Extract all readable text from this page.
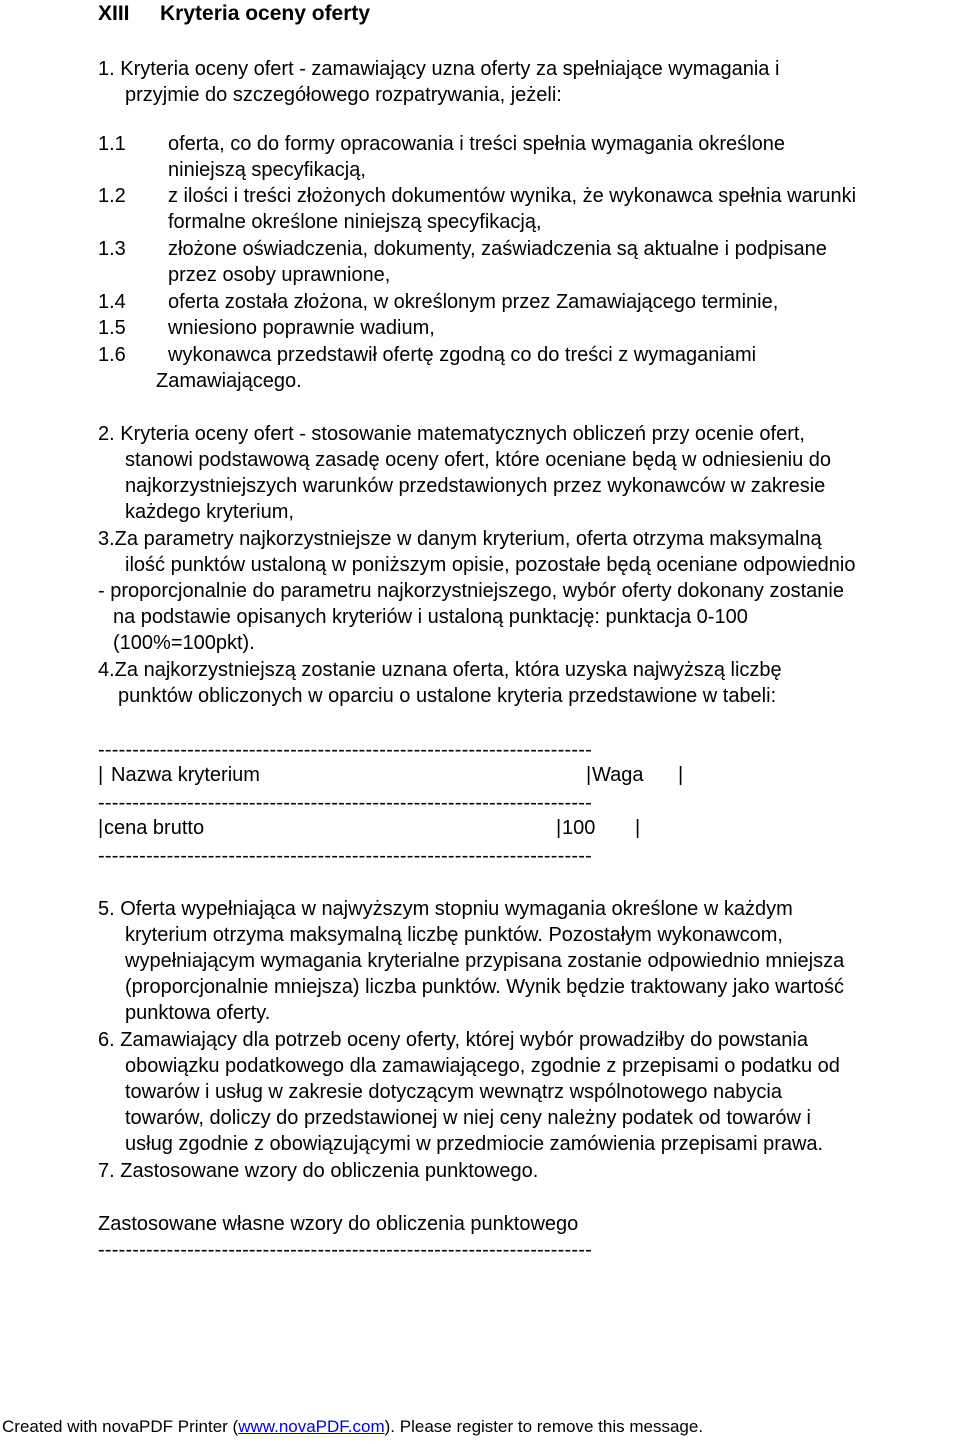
XIII Kryteria oceny oferty
1. Kryteria oceny ofert - zamawiający uzna oferty za spełniające wymagania i
przyjmie do szczegółowego rozpatrywania, jeżeli:
1.1 oferta, co do formy opracowania i treści spełnia wymagania określone
niniejszą specyfikacją,
1.2 z ilości i treści złożonych dokumentów wynika, że wykonawca spełnia warunki
formalne określone niniejszą specyfikacją,
1.3 złożone oświadczenia, dokumenty, zaświadczenia są aktualne i podpisane
przez osoby uprawnione,
1.4 oferta została złożona, w określonym przez Zamawiającego terminie,
1.5 wniesiono poprawnie wadium,
1.6 wykonawca przedstawił ofertę zgodną co do treści z wymaganiami
Zamawiającego.
2. Kryteria oceny ofert - stosowanie matematycznych obliczeń przy ocenie ofert,
stanowi podstawową zasadę oceny ofert, które oceniane będą w odniesieniu do
najkorzystniejszych warunków przedstawionych przez wykonawców w zakresie
każdego kryterium,
3.Za parametry najkorzystniejsze w danym kryterium, oferta otrzyma maksymalną
ilość punktów ustaloną w poniższym opisie, pozostałe będą oceniane odpowiednio
- proporcjonalnie do parametru najkorzystniejszego, wybór oferty dokonany zostanie
na podstawie opisanych kryteriów i ustaloną punktację: punktacja 0-100
(100%=100pkt).
4.Za najkorzystniejszą zostanie uznana oferta, która uzyska najwyższą liczbę
punktów obliczonych w oparciu o ustalone kryteria przedstawione w tabeli:
------------------------------------------------------------------------
| Nazwa kryterium	| Waga |
------------------------------------------------------------------------
| cena brutto	| 100 |
------------------------------------------------------------------------
5. Oferta wypełniająca w najwyższym stopniu wymagania określone w każdym
kryterium otrzyma maksymalną liczbę punktów. Pozostałym wykonawcom,
wypełniającym wymagania kryterialne przypisana zostanie odpowiednio mniejsza
(proporcjonalnie mniejsza) liczba punktów. Wynik będzie traktowany jako wartość
punktowa oferty.
6. Zamawiający dla potrzeb oceny oferty, której wybór prowadziłby do powstania
obowiązku podatkowego dla zamawiającego, zgodnie z przepisami o podatku od
towarów i usług w zakresie dotyczącym wewnątrz wspólnotowego nabycia
towarów, doliczy do przedstawionej w niej ceny należny podatek od towarów i
usług zgodnie z obowiązującymi w przedmiocie zamówienia przepisami prawa.
7. Zastosowane wzory do obliczenia punktowego.
Zastosowane własne wzory do obliczenia punktowego
------------------------------------------------------------------------
Created with novaPDF Printer (www.novaPDF.com). Please register to remove this message.
